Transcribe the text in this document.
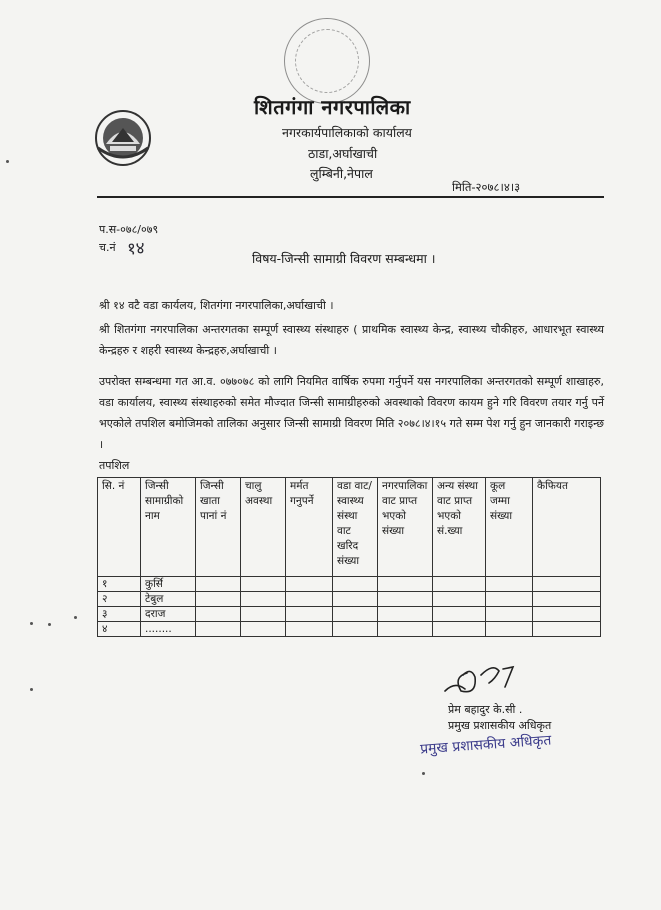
शितगंगा नगरपालिका
नगरकार्यपालिकाको कार्यालय
ठाडा,अर्घाखाची
लुम्बिनी,नेपाल
मिति-२०७८।४।३
प.स-०७८/०७९
च.नं १४	विषय-जिन्सी सामाग्री विवरण सम्बन्धमा ।
श्री १४ वटै वडा कार्यलय, शितगंगा नगरपालिका,अर्घाखाची ।
श्री शितगंगा नगरपालिका अन्तरगतका सम्पूर्ण स्वास्थ्य संस्थाहरु ( प्राथमिक स्वास्थ्य केन्द्र, स्वास्थ्य चौकीहरु, आधारभूत स्वास्थ्य केन्द्रहरु र शहरी स्वास्थ्य केन्द्रहरु,अर्घाखाची ।
उपरोक्त सम्बन्धमा गत आ.व. ०७७०७८ को लागि नियमित वार्षिक रुपमा गर्नुपर्ने यस नगरपालिका अन्तरगतको सम्पूर्ण शाखाहरु, वडा कार्यालय, स्वास्थ्य संस्थाहरुको समेत मौज्दात जिन्सी सामाग्रीहरुको अवस्थाको विवरण कायम हुने गरि विवरण तयार गर्नु पर्ने भएकोले तपशिल बमोजिमको तालिका अनुसार जिन्सी सामाग्री विवरण मिति २०७८।४।१५ गते सम्म पेश गर्नु हुन जानकारी गराइन्छ ।
तपशिल
सि. नं	जिन्सी सामाग्रीको नाम	जिन्सी खाता पानां नं	चालु अवस्था	मर्मत गनुपर्ने	वडा वाट/ स्वास्थ्य संस्था वाट खरिद संख्या	नगरपालिका वाट प्राप्त भएको संख्या	अन्य संस्था वाट प्राप्त भएको सं.ख्या	कूल जम्मा संख्या	कैफियत
१	कुर्सि								
२	टेबुल								
३	दराज								
४	........								
प्रेम बहादुर के.सी .
प्रमुख प्रशासकीय अधिकृत
प्रमुख प्रशासकीय अधिकृत
